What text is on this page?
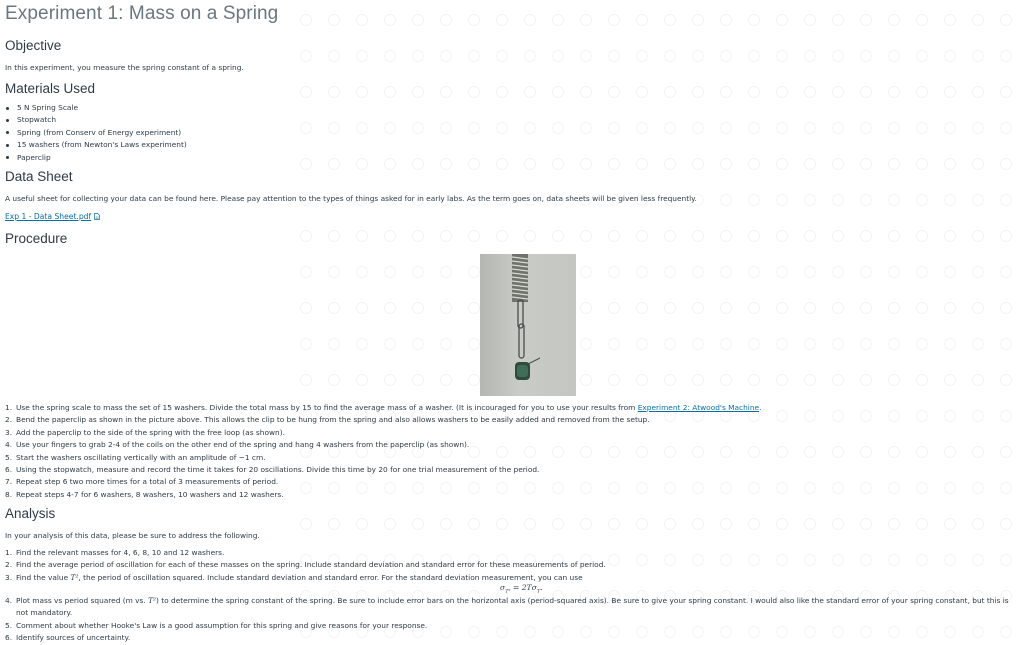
Experiment 1: Mass on a Spring
Objective

In this experiment, you measure the spring constant of a spring.

Materials Used
5 N Spring Scale
Stopwatch
Spring (from Conserv of Energy experiment)
15 washers (from Newton's Laws experiment)
Paperclip
Data Sheet

A useful sheet for collecting your data can be found here. Please pay attention to the types of things asked for in early labs. As the term goes on, data sheets will be given less frequently.

Exp 1 - Data Sheet.pdf
Procedure
1. Use the spring scale to mass the set of 15 washers. Divide the total mass by 15 to find the average mass of a washer. (It is incouraged for you to use your results from Experiment 2: Atwood's Machine.
2. Bend the paperclip as shown in the picture above. This allows the clip to be hung from the spring and also allows washers to be easily added and removed from the setup.
3. Add the paperclip to the side of the spring with the free loop (as shown).
4. Use your fingers to grab 2-4 of the coils on the other end of the spring and hang 4 washers from the paperclip (as shown).
5. Start the washers oscillating vertically with an amplitude of ~1 cm.
6. Using the stopwatch, measure and record the time it takes for 20 oscillations. Divide this time by 20 for one trial measurement of the period.
7. Repeat step 6 two more times for a total of 3 measurements of period.
8. Repeat steps 4-7 for 6 washers, 8 washers, 10 washers and 12 washers.
Analysis

In your analysis of this data, please be sure to address the following.

1. Find the relevant masses for 4, 6, 8, 10 and 12 washers.
2. Find the average period of oscillation for each of these masses on the spring. Include standard deviation and standard error for these measurements of period.
3. Find the value T², the period of oscillation squared. Include standard deviation and standard error. For the standard deviation measurement, you can use
$\sigma_{T^2} = 2T\sigma_T$.
4. Plot mass vs period squared (m vs. T²) to determine the spring constant of the spring. Be sure to include error bars on the horizontal axis (period-squared axis). Be sure to give your spring constant. I would also like the standard error of your spring constant, but this is not mandatory.
5. Comment about whether Hooke's Law is a good assumption for this spring and give reasons for your response.
6. Identify sources of uncertainty.
